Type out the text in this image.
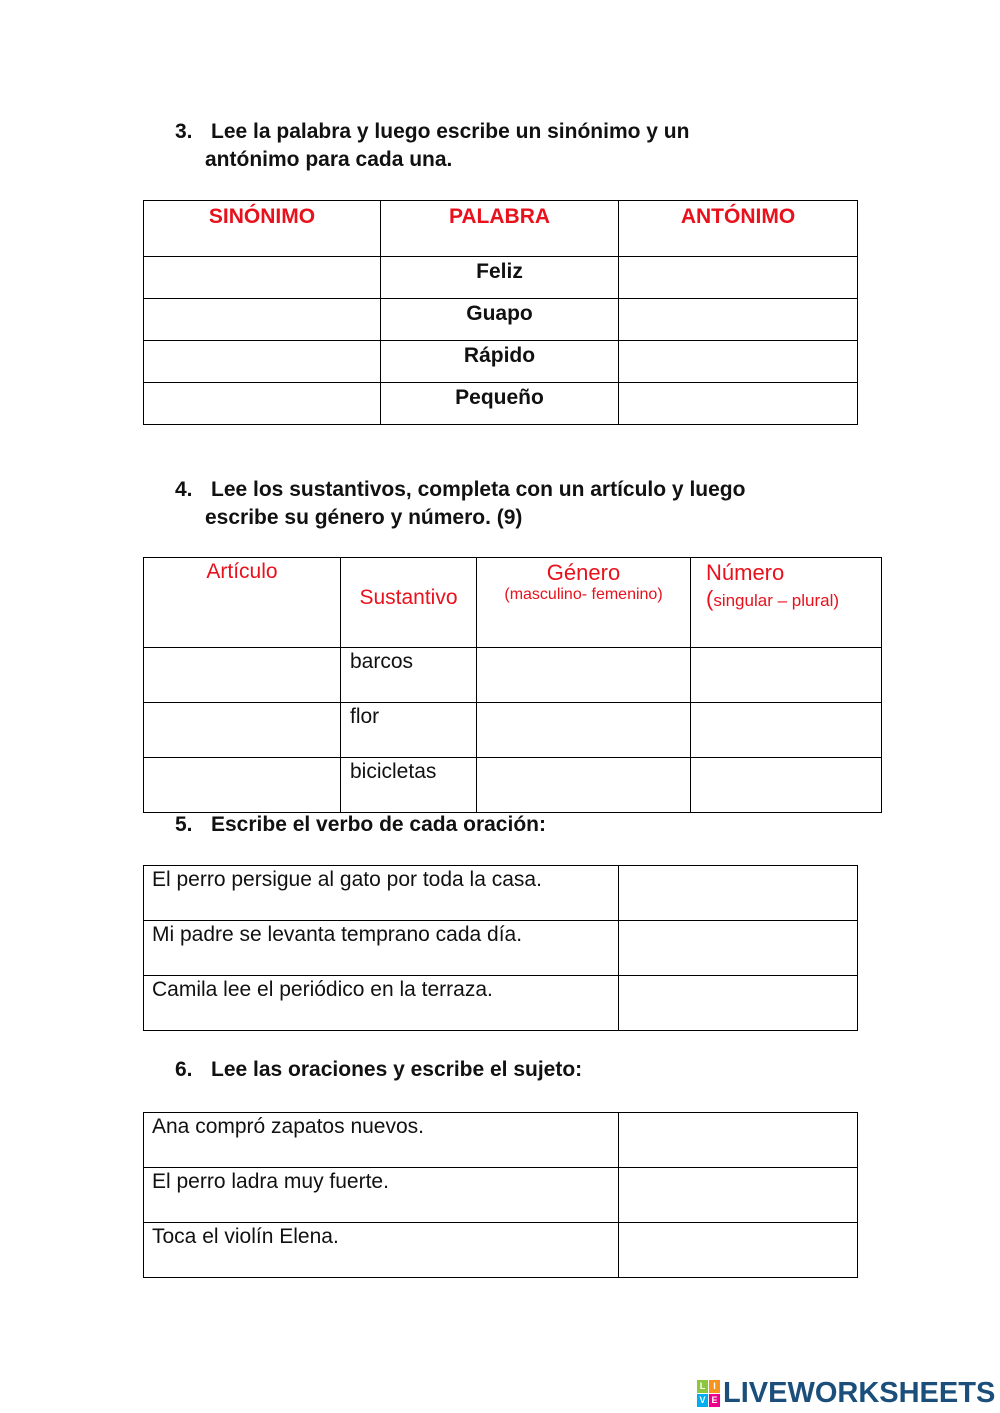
3. Lee la palabra y luego escribe un sinónimo y un
antónimo para cada una.
SINÓNIMO	PALABRA	ANTÓNIMO

	Feliz	

	Guapo	

	Rápido	

	Pequeño	

4. Lee los sustantivos, completa con un artículo y luego
escribe su género y número. (9)
Artículo	Sustantivo	Género
(masculino- femenino)	Número
(singular – plural)

	barcos		

	flor		

	bicicletas		

5. Escribe el verbo de cada oración:
El perro persigue al gato por toda la casa.	

Mi padre se levanta temprano cada día.	

Camila lee el periódico en la terraza.	

6. Lee las oraciones y escribe el sujeto:
Ana compró zapatos nuevos.	

El perro ladra muy fuerte.	

Toca el violín Elena.	

L I
V E LIVEWORKSHEETS
